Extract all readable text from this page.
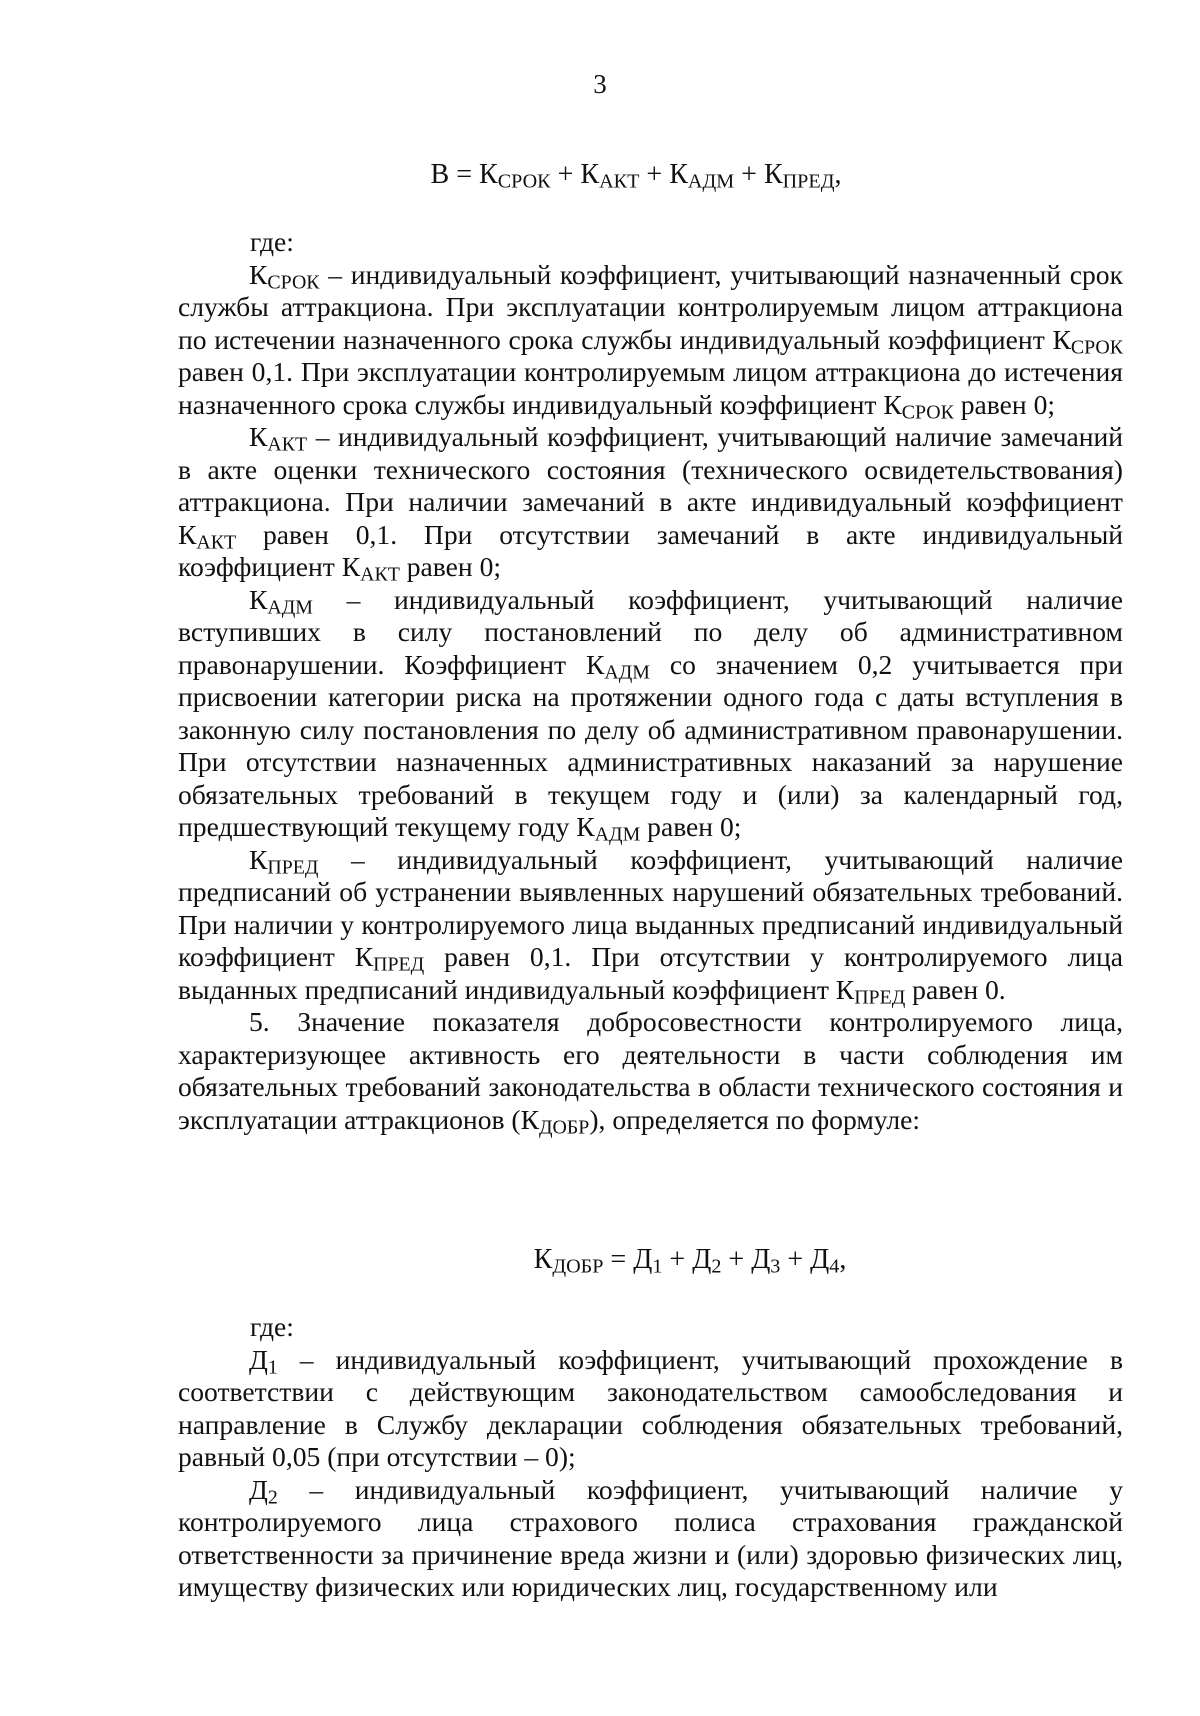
3
$В = К_{СРОК} + К_{АКТ} + К_{АДМ} + К_{ПРЕД}$,

где:

$К_{СРОК}$ – индивидуальный коэффициент, учитывающий назначенный срок службы аттракциона. При эксплуатации контролируемым лицом аттракциона по истечении назначенного срока службы индивидуальный коэффициент $К_{СРОК}$ равен 0,1. При эксплуатации контролируемым лицом аттракциона до истечения назначенного срока службы индивидуальный коэффициент $К_{СРОК}$ равен 0;

$К_{АКТ}$ – индивидуальный коэффициент, учитывающий наличие замечаний в акте оценки технического состояния (технического освидетельствования) аттракциона. При наличии замечаний в акте индивидуальный коэффициент $К_{АКТ}$ равен 0,1. При отсутствии замечаний в акте индивидуальный коэффициент $К_{АКТ}$ равен 0;

$К_{АДМ}$ – индивидуальный коэффициент, учитывающий наличие вступивших в силу постановлений по делу об административном правонарушении. Коэффициент $К_{АДМ}$ со значением 0,2 учитывается при присвоении категории риска на протяжении одного года с даты вступления в законную силу постановления по делу об административном правонарушении. При отсутствии назначенных административных наказаний за нарушение обязательных требований в текущем году и (или) за календарный год, предшествующий текущему году $К_{АДМ}$ равен 0;

$К_{ПРЕД}$ – индивидуальный коэффициент, учитывающий наличие предписаний об устранении выявленных нарушений обязательных требований. При наличии у контролируемого лица выданных предписаний индивидуальный коэффициент $К_{ПРЕД}$ равен 0,1. При отсутствии у контролируемого лица выданных предписаний индивидуальный коэффициент $К_{ПРЕД}$ равен 0.

5. Значение показателя добросовестности контролируемого лица, характеризующее активность его деятельности в части соблюдения им обязательных требований законодательства в области технического состояния и эксплуатации аттракционов $(К_{ДОБР})$, определяется по формуле:

$К_{ДОБР} = Д_1 + Д_2 + Д_3 + Д_4$,

где:

$Д_1$ – индивидуальный коэффициент, учитывающий прохождение в соответствии с действующим законодательством самообследования и направление в Службу декларации соблюдения обязательных требований, равный 0,05 (при отсутствии – 0);

$Д_2$ – индивидуальный коэффициент, учитывающий наличие у контролируемого лица страхового полиса страхования гражданской ответственности за причинение вреда жизни и (или) здоровью физических лиц, имуществу физических или юридических лиц, государственному или
